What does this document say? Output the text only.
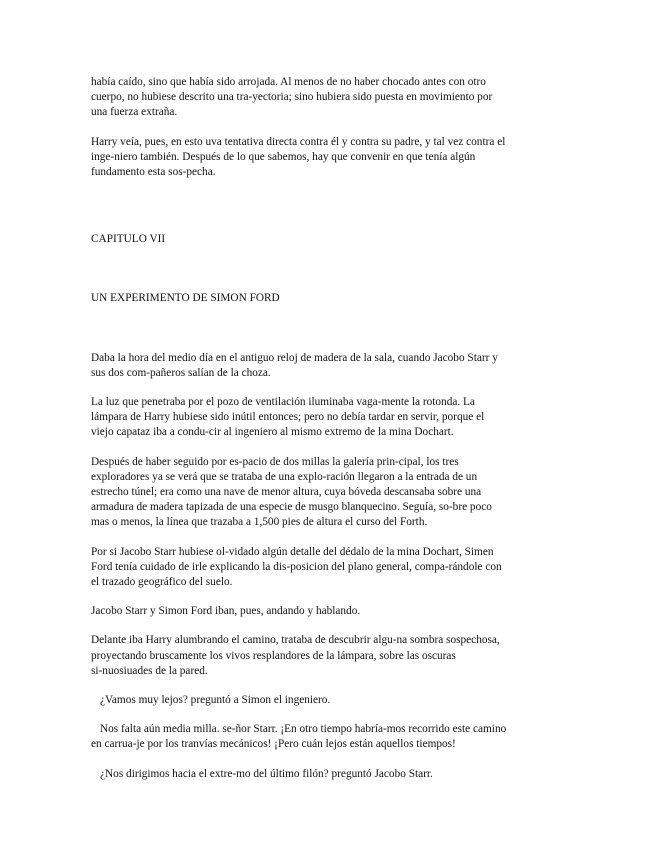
había caído, sino que había sido arrojada. Al menos de no haber chocado antes con otro
cuerpo, no hubiese descrito una tra-yectoria; sino hubiera sido puesta en movimiento por
una fuerza extraña.

Harry veía, pues, en esto uva tentativa directa contra él y contra su padre, y tal vez contra el
inge-niero también. Después de lo que sabemos, hay que convenir en que tenía algún
fundamento esta sos-pecha.

CAPITULO VII
UN EXPERIMENTO DE SIMON FORD

Daba la hora del medio día en el antiguo reloj de madera de la sala, cuando Jacobo Starr y
sus dos com-pañeros salían de la choza.

La luz que penetraba por el pozo de ventilación iluminaba vaga-mente la rotonda. La
lámpara de Harry hubiese sido inútil entonces; pero no debía tardar en servir, porque el
viejo capataz iba a condu-cir al ingeniero al mismo extremo de la mina Dochart.

Después de haber seguido por es-pacio de dos millas la galería prin-cipal, los tres
exploradores ya se verá que se trataba de una explo-ración llegaron a la entrada de un
estrecho túnel; era como una nave de menor altura, cuya bóveda descansaba sobre una
armadura de madera tapizada de una especie de musgo blanquecino. Seguía, so-bre poco
mas o menos, la línea que trazaba a 1,500 pies de altura el curso del Forth.

Por si Jacobo Starr hubiese ol-vidado algún detalle del dédalo de la mina Dochart, Simen
Ford tenía cuidado de irle explicando la dis-posicion del plano general, compa-rándole con
el trazado geográfico del suelo.

Jacobo Starr y Simon Ford iban, pues, andando y hablando.

Delante iba Harry alumbrando el camino, trataba de descubrir algu-na sombra sospechosa,
proyectando bruscamente los vivos resplandores de la lámpara, sobre las oscuras
si-nuosiuades de la pared.

¿Vamos muy lejos? preguntó a Simon el ingeniero.

Nos falta aún media milla. se-ñor Starr. ¡En otro tiempo habría-mos recorrido este camino
en carrua-je por los tranvías mecánicos! ¡Pero cuán lejos están aquellos tiempos!

¿Nos dirigimos hacia el extre-mo del último filón? preguntó Jacobo Starr.
